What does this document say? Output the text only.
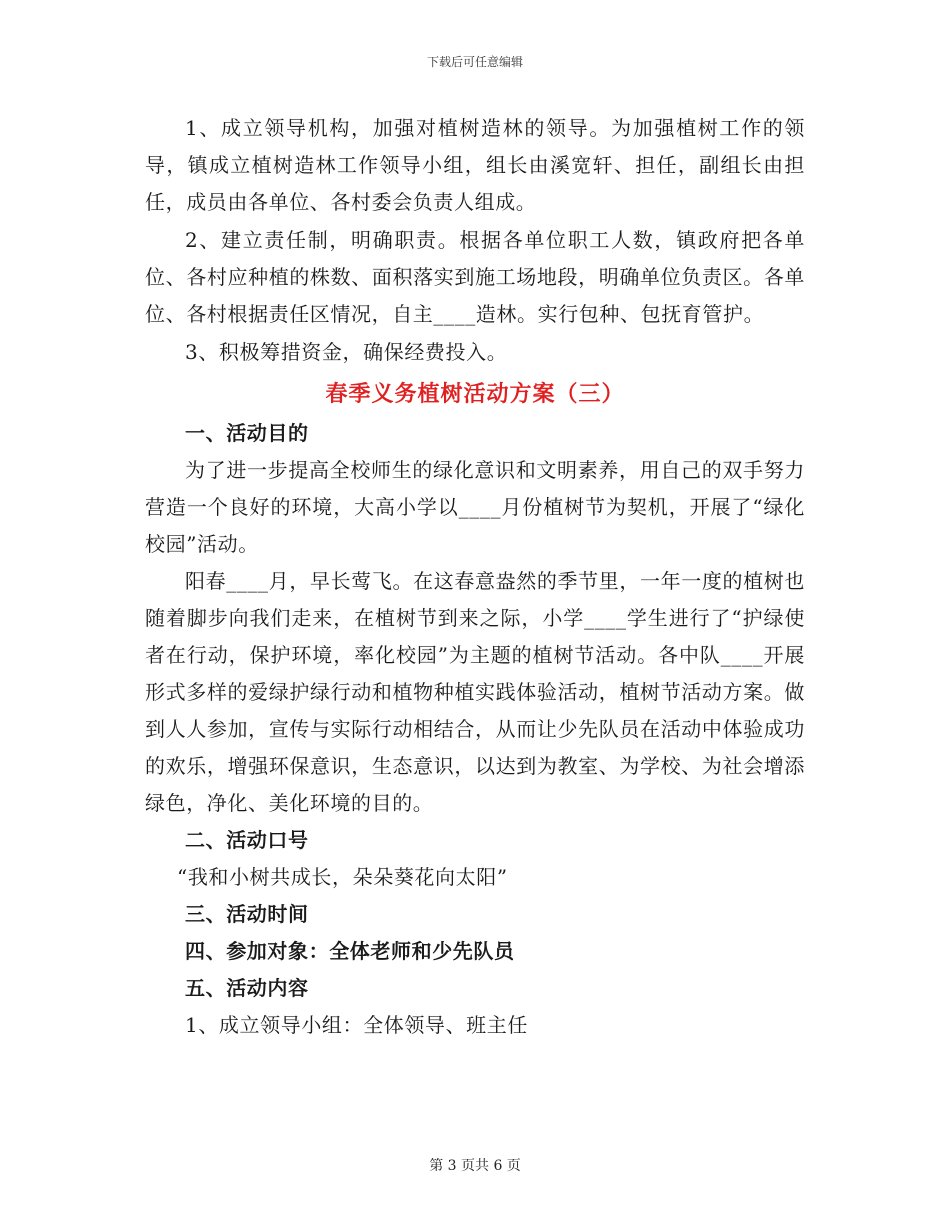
下载后可任意编辑

1、成立领导机构，加强对植树造林的领导。为加强植树工作的领导，镇成立植树造林工作领导小组，组长由溪宽轩、担任，副组长由担任，成员由各单位、各村委会负责人组成。

2、建立责任制，明确职责。根据各单位职工人数，镇政府把各单位、各村应种植的株数、面积落实到施工场地段，明确单位负责区。各单位、各村根据责任区情况，自主____造林。实行包种、包抚育管护。

3、积极筹措资金，确保经费投入。

春季义务植树活动方案（三）

一、活动目的

为了进一步提高全校师生的绿化意识和文明素养，用自己的双手努力营造一个良好的环境，大高小学以____月份植树节为契机，开展了“绿化校园”活动。

阳春____月，早长莺飞。在这春意盎然的季节里，一年一度的植树也随着脚步向我们走来，在植树节到来之际，小学____学生进行了“护绿使者在行动，保护环境，率化校园”为主题的植树节活动。各中队____开展形式多样的爱绿护绿行动和植物种植实践体验活动，植树节活动方案。做到人人参加，宣传与实际行动相结合，从而让少先队员在活动中体验成功的欢乐，增强环保意识，生态意识，以达到为教室、为学校、为社会增添绿色，净化、美化环境的目的。

二、活动口号

“我和小树共成长，朵朵葵花向太阳”

三、活动时间

四、参加对象：全体老师和少先队员

五、活动内容

1、成立领导小组：全体领导、班主任

第 3 页共 6 页
